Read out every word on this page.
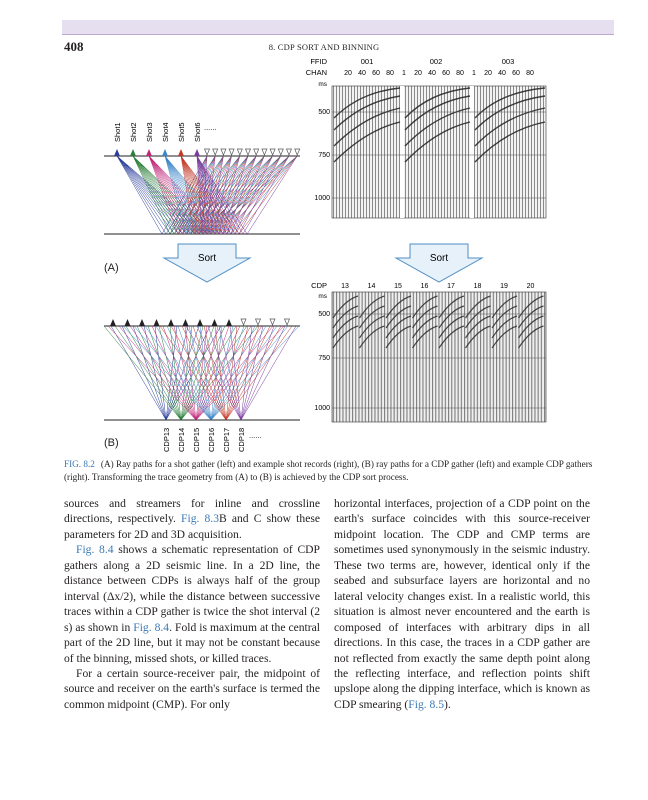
408	8. CDP SORT AND BINNING
Shot1 Shot2 Shot3 Shot4 Shot5 Shot6 ......
FFID	001	002	003
CHAN 20 40 60 80 1 20 40 60 80 1 20 40 60 80
ms
500
750
1000
Sort	Sort
CDP13 CDP14 CDP15 CDP16 CDP17 CDP18 ......
CDP 13	14	15	16	17	18	19	20
ms
500
750
1000
(A)
(B)
FIG. 8.2 (A) Ray paths for a shot gather (left) and example shot records (right), (B) ray paths for a CDP gather (left) and example CDP gathers (right). Transforming the trace geometry from (A) to (B) is achieved by the CDP sort process.

sources and streamers for inline and crossline directions, respectively. Fig. 8.3B and C show these parameters for 2D and 3D acquisition.

Fig. 8.4 shows a schematic representation of CDP gathers along a 2D seismic line. In a 2D line, the distance between CDPs is always half of the group interval (Δx/2), while the distance between successive traces within a CDP gather is twice the shot interval (2 s) as shown in Fig. 8.4. Fold is maximum at the central part of the 2D line, but it may not be constant because of the binning, missed shots, or killed traces.

For a certain source-receiver pair, the midpoint of source and receiver on the earth's surface is termed the common midpoint (CMP). For only

horizontal interfaces, projection of a CDP point on the earth's surface coincides with this source-receiver midpoint location. The CDP and CMP terms are sometimes used synonymously in the seismic industry. These two terms are, however, identical only if the seabed and subsurface layers are horizontal and no lateral velocity changes exist. In a realistic world, this situation is almost never encountered and the earth is composed of interfaces with arbitrary dips in all directions. In this case, the traces in a CDP gather are not reflected from exactly the same depth point along the reflecting interface, and reflection points shift upslope along the dipping interface, which is known as CDP smearing (Fig. 8.5).
